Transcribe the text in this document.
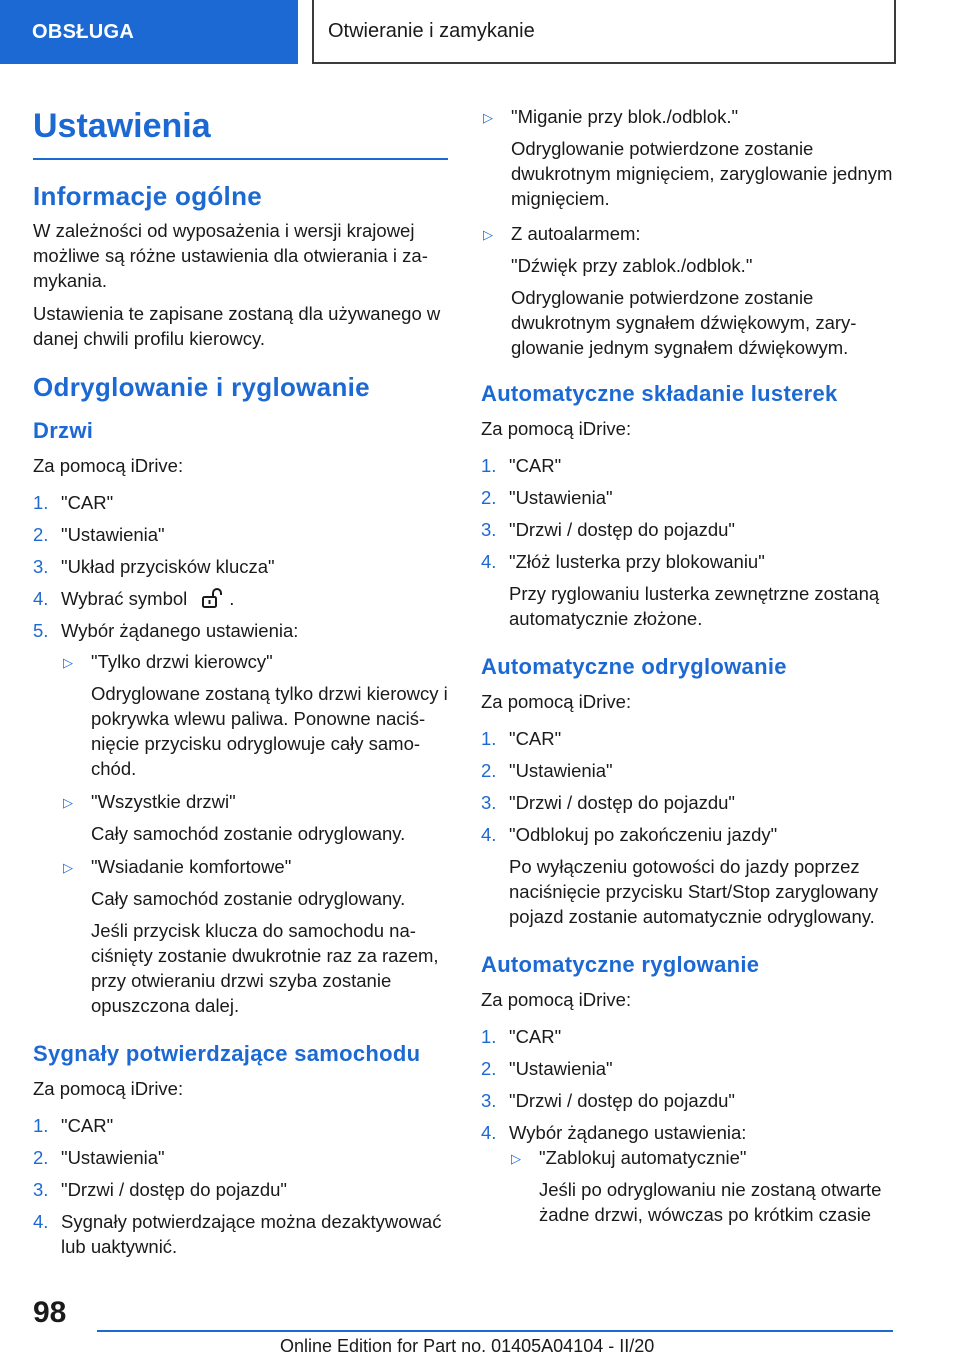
OBSŁUGA	Otwieranie i zamykanie
Ustawienia
Informacje ogólne

W zależności od wyposażenia i wersji krajowej możliwe są różne ustawienia dla otwierania i zamykania.

Ustawienia te zapisane zostaną dla używanego w danej chwili profilu kierowcy.

Odryglowanie i ryglowanie
Drzwi

Za pomocą iDrive:

1. "CAR"
2. "Ustawienia"
3. "Układ przycisków klucza"
4. Wybrać symbol .
5. Wybór żądanego ustawienia:
▷ "Tylko drzwi kierowcy"
Odryglowane zostaną tylko drzwi kierowcy i pokrywka wlewu paliwa. Ponowne naciśnięcie przycisku odryglowuje cały samochód.
▷ "Wszystkie drzwi"
Cały samochód zostanie odryglowany.
▷ "Wsiadanie komfortowe"
Cały samochód zostanie odryglowany.
Jeśli przycisk klucza do samochodu naciśnięty zostanie dwukrotnie raz za razem, przy otwieraniu drzwi szyba zostanie opuszczona dalej.
Sygnały potwierdzające samochodu

Za pomocą iDrive:

1. "CAR"
2. "Ustawienia"
3. "Drzwi / dostęp do pojazdu"
4. Sygnały potwierdzające można dezaktywować lub uaktywnić.
▷ "Miganie przy blok./odblok."
Odryglowanie potwierdzone zostanie dwukrotnym mignięciem, zaryglowanie jednym mignięciem.
▷ Z autoalarmem:
"Dźwięk przy zablok./odblok."
Odryglowanie potwierdzone zostanie dwukrotnym sygnałem dźwiękowym, zaryglowanie jednym sygnałem dźwiękowym.
Automatyczne składanie lusterek

Za pomocą iDrive:

1. "CAR"
2. "Ustawienia"
3. "Drzwi / dostęp do pojazdu"
4. "Złóż lusterka przy blokowaniu"
Przy ryglowaniu lusterka zewnętrzne zostaną automatycznie złożone.
Automatyczne odryglowanie

Za pomocą iDrive:

1. "CAR"
2. "Ustawienia"
3. "Drzwi / dostęp do pojazdu"
4. "Odblokuj po zakończeniu jazdy"
Po wyłączeniu gotowości do jazdy poprzez naciśnięcie przycisku Start/Stop zaryglowany pojazd zostanie automatycznie odryglowany.
Automatyczne ryglowanie

Za pomocą iDrive:

1. "CAR"
2. "Ustawienia"
3. "Drzwi / dostęp do pojazdu"
4. Wybór żądanego ustawienia:
▷ "Zablokuj automatycznie"
Jeśli po odryglowaniu nie zostaną otwarte żadne drzwi, wówczas po krótkim czasie
98
Online Edition for Part no. 01405A04104 - II/20
